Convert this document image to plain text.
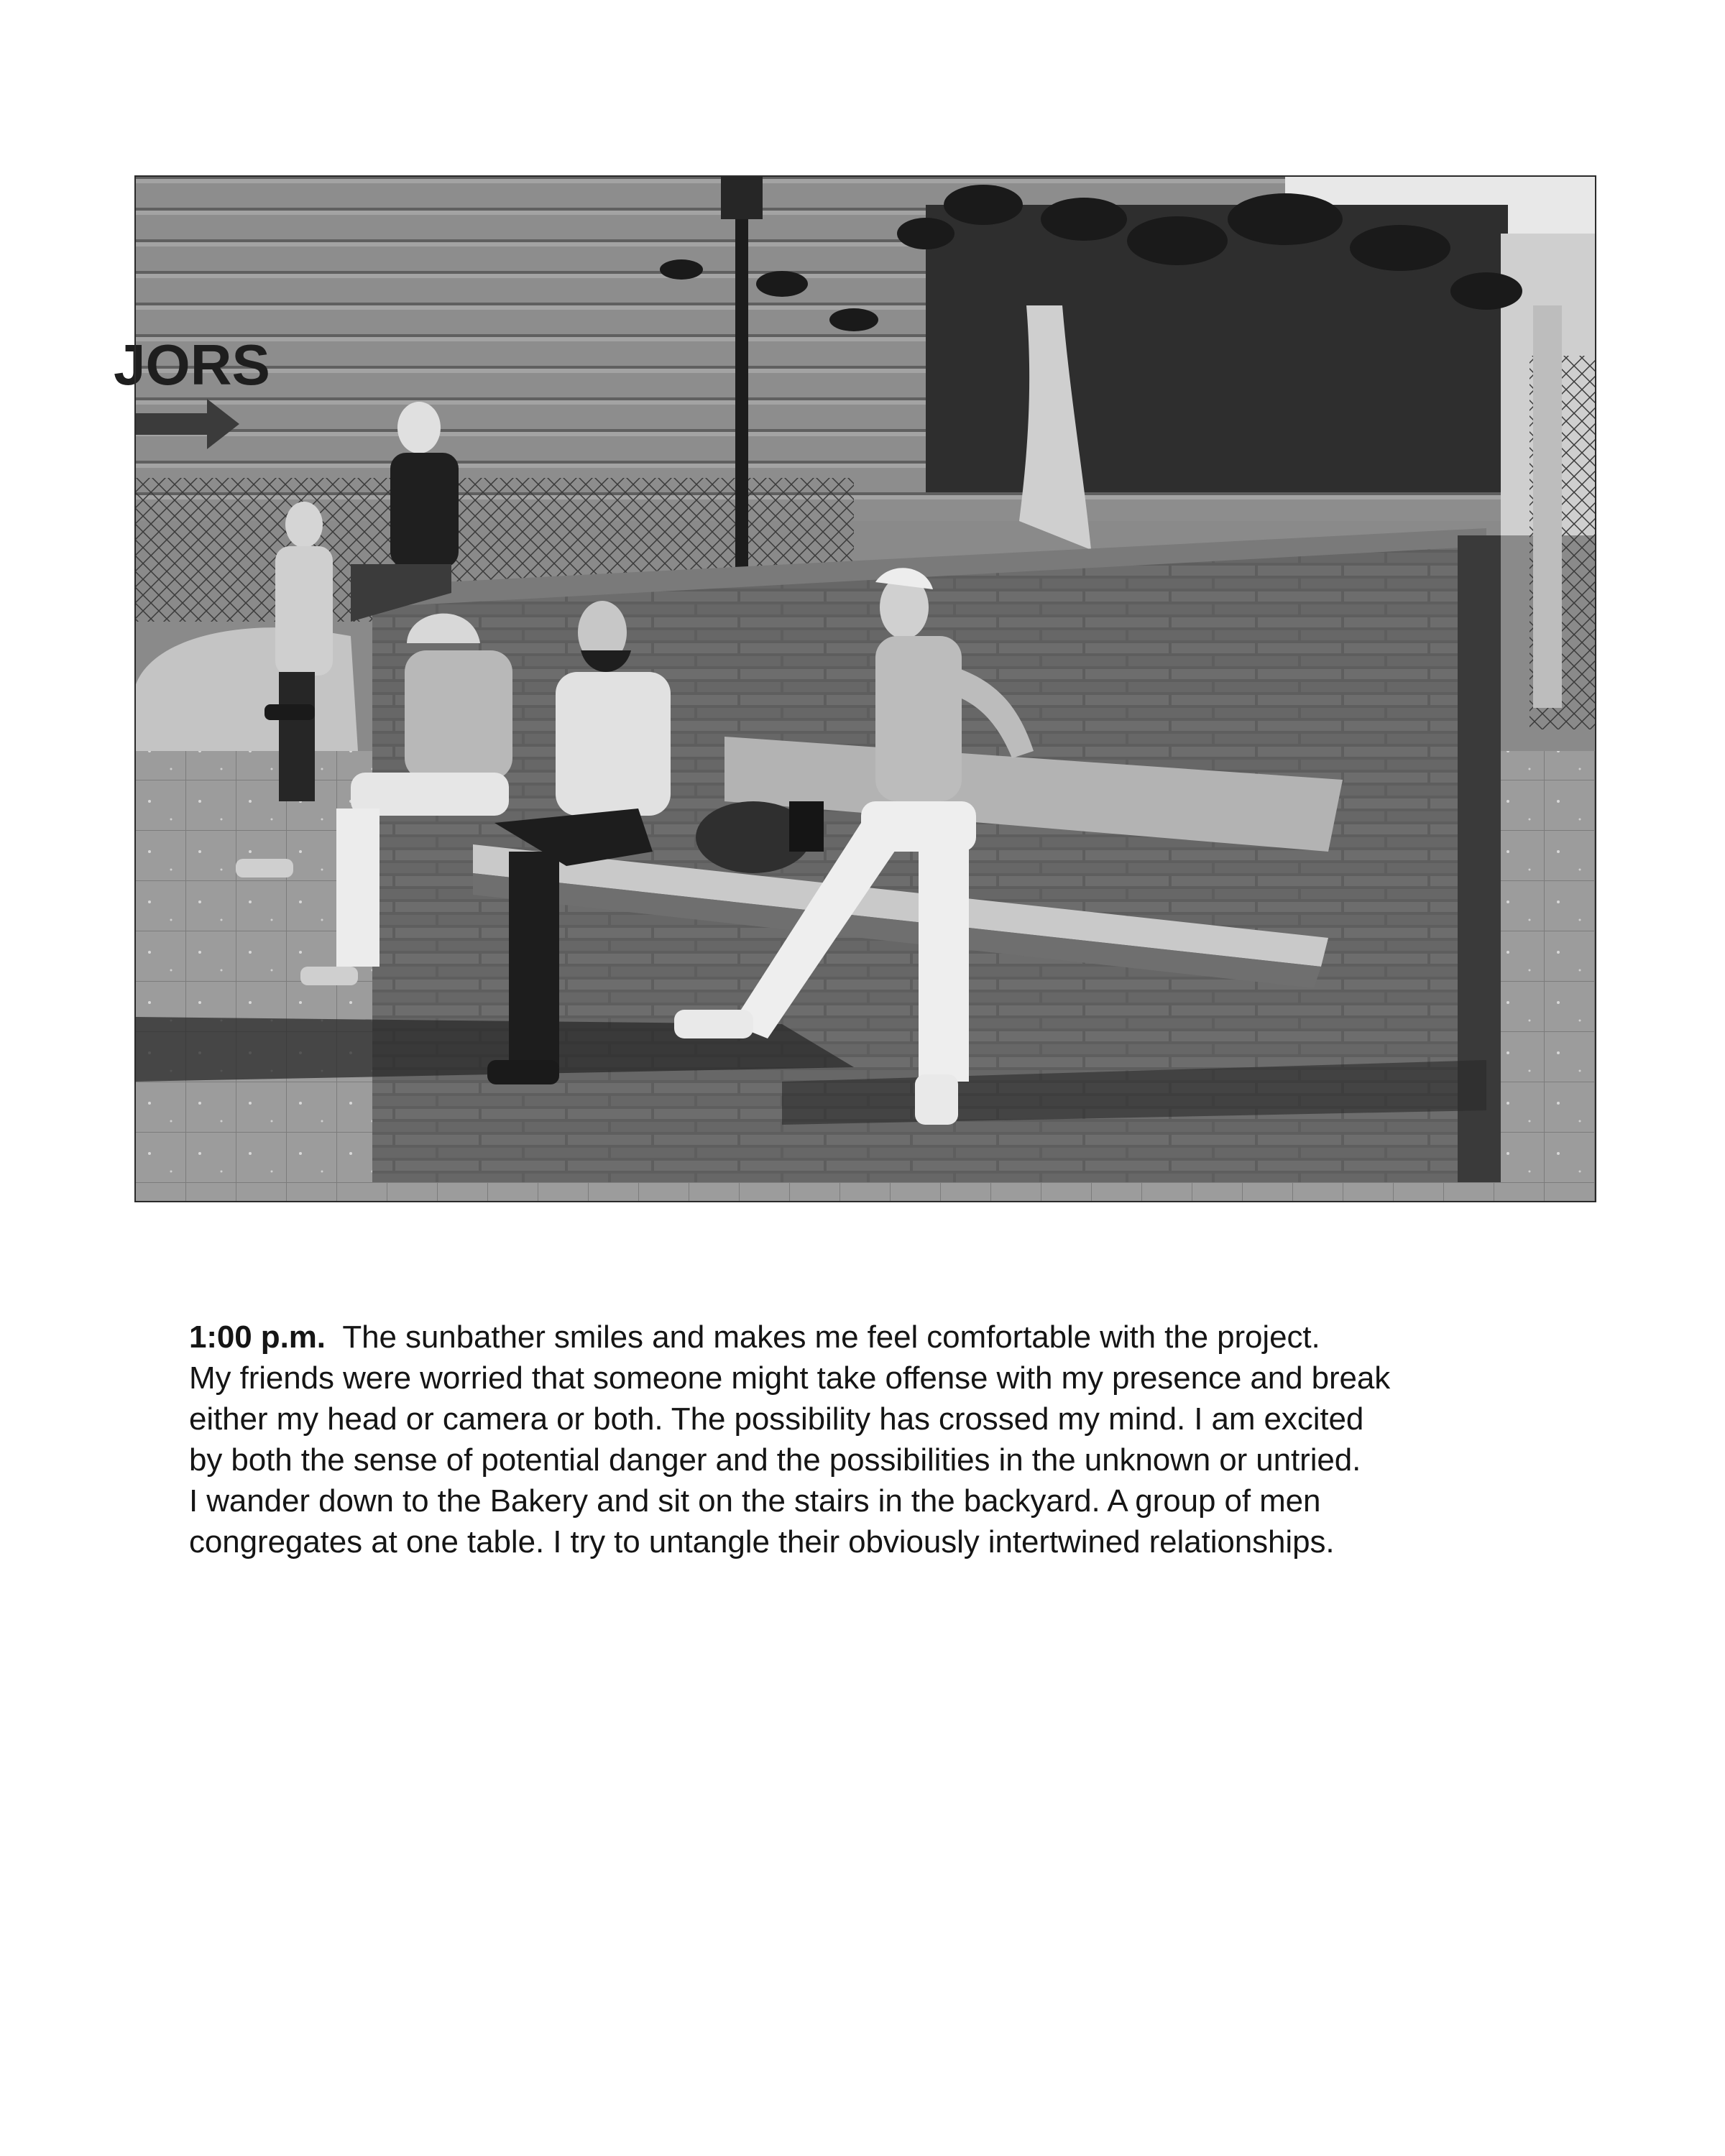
JORS
1:00 p.m. The sunbather smiles and makes me feel comfortable with the project.
My friends were worried that someone might take offense with my presence and break
either my head or camera or both. The possibility has crossed my mind. I am excited
by both the sense of potential danger and the possibilities in the unknown or untried.
I wander down to the Bakery and sit on the stairs in the backyard. A group of men
congregates at one table. I try to untangle their obviously intertwined relationships.
